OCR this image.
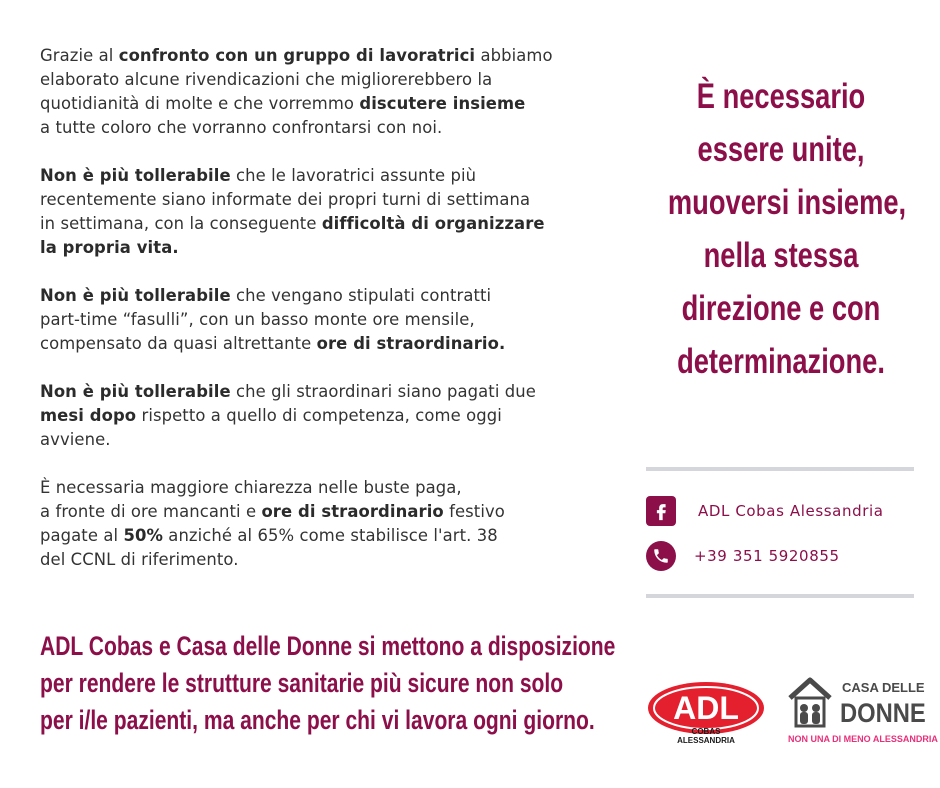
Grazie al confronto con un gruppo di lavoratrici abbiamo
elaborato alcune rivendicazioni che migliorerebbero la
quotidianità di molte e che vorremmo discutere insieme
a tutte coloro che vorranno confrontarsi con noi.
Non è più tollerabile che le lavoratrici assunte più
recentemente siano informate dei propri turni di settimana
in settimana, con la conseguente difficoltà di organizzare
la propria vita.
Non è più tollerabile che vengano stipulati contratti
part-time “fasulli”, con un basso monte ore mensile,
compensato da quasi altrettante ore di straordinario.
Non è più tollerabile che gli straordinari siano pagati due
mesi dopo rispetto a quello di competenza, come oggi
avviene.
È necessaria maggiore chiarezza nelle buste paga,
a fronte di ore mancanti e ore di straordinario festivo
pagate al 50% anziché al 65% come stabilisce l'art. 38
del CCNL di riferimento.
È necessario
essere unite,
muoversi insieme,
nella stessa
direzione e con
determinazione.
ADL Cobas Alessandria
+39 351 5920855
ADL Cobas e Casa delle Donne si mettono a disposizione
per rendere le strutture sanitarie più sicure non solo
per i/le pazienti, ma anche per chi vi lavora ogni giorno. ADL
COBAS
ALESSANDRIA
CASA DELLE
DONNE
NON UNA DI MENO ALESSANDRIA
